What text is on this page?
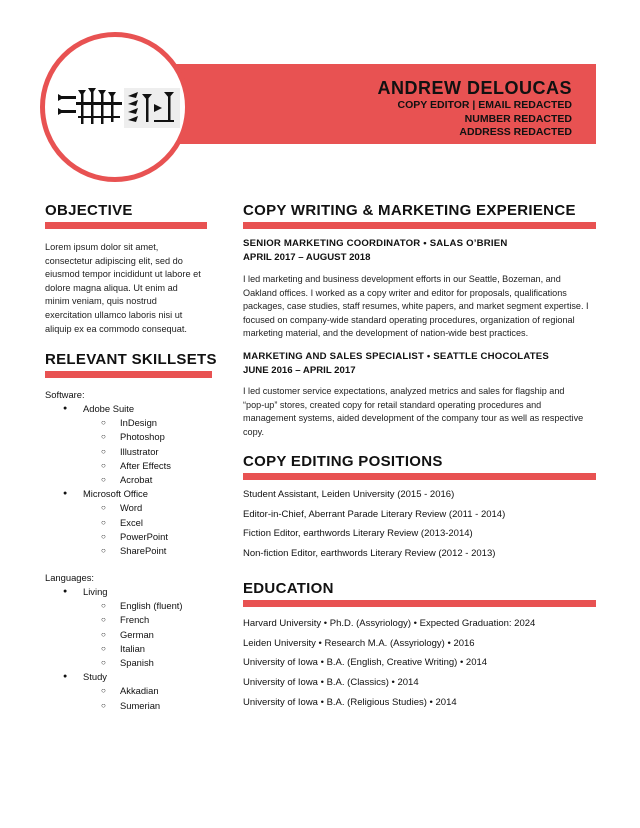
ANDREW DELOUCAS
COPY EDITOR | EMAIL REDACTED
NUMBER REDACTED
ADDRESS REDACTED
OBJECTIVE
Lorem ipsum dolor sit amet,
consectetur adipiscing elit, sed do
eiusmod tempor incididunt ut labore et
dolore magna aliqua. Ut enim ad
minim veniam, quis nostrud
exercitation ullamco laboris nisi ut
aliquip ex ea commodo consequat.
RELEVANT SKILLSETS
Software:
● Adobe Suite
○ InDesign
○ Photoshop
○ Illustrator
○ After Effects
○ Acrobat
● Microsoft Office
○ Word
○ Excel
○ PowerPoint
○ SharePoint
Languages:
● Living
○ English (fluent)
○ French
○ German
○ Italian
○ Spanish
● Study
○ Akkadian
○ Sumerian
COPY WRITING & MARKETING EXPERIENCE
SENIOR MARKETING COORDINATOR • SALAS O’BRIEN
APRIL 2017 – AUGUST 2018
I led marketing and business development efforts in our Seattle, Bozeman, and
Oakland offices. I worked as a copy writer and editor for proposals, qualifications
packages, case studies, staff resumes, white papers, and market segment expertise. I
focused on company-wide standard operating procedures, organization of regional
marketing material, and the development of nation-wide best practices.
MARKETING AND SALES SPECIALIST • SEATTLE CHOCOLATES
JUNE 2016 – APRIL 2017
I led customer service expectations, analyzed metrics and sales for flagship and
“pop-up” stores, created copy for retail standard operating procedures and
management systems, aided development of the company tour as well as respective
copy.
COPY EDITING POSITIONS
Student Assistant, Leiden University (2015 - 2016)
Editor-in-Chief, Aberrant Parade Literary Review (2011 - 2014)
Fiction Editor, earthwords Literary Review (2013-2014)
Non-fiction Editor, earthwords Literary Review (2012 - 2013)
EDUCATION
Harvard University • Ph.D. (Assyriology) • Expected Graduation: 2024
Leiden University • Research M.A. (Assyriology) • 2016
University of Iowa • B.A. (English, Creative Writing) • 2014
University of Iowa • B.A. (Classics) • 2014
University of Iowa • B.A. (Religious Studies) • 2014
